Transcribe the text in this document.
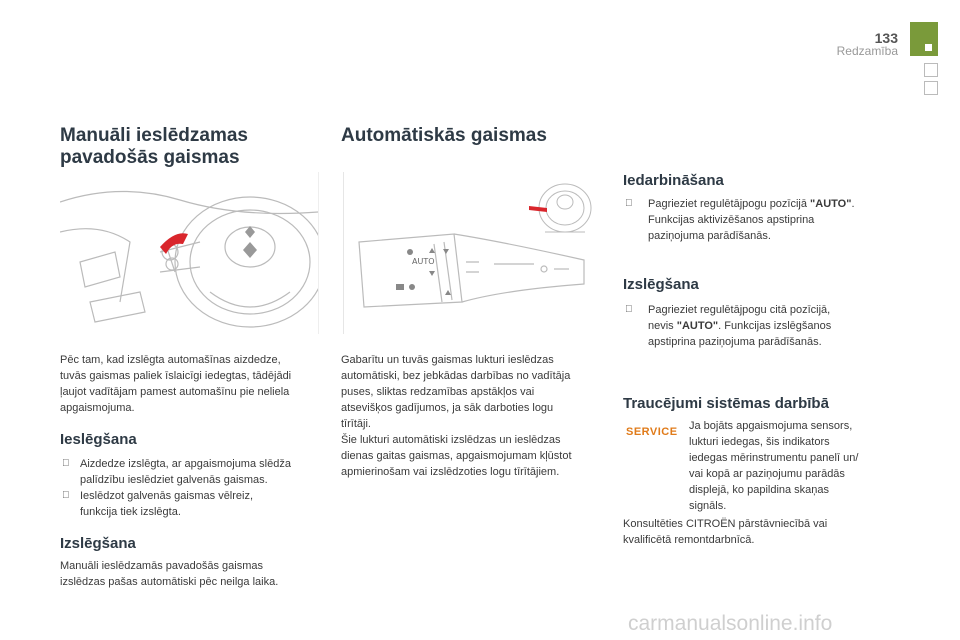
133
Redzamība
Manuāli ieslēdzamas
pavadošās gaismas
Pēc tam, kad izslēgta automašīnas aizdedze,
tuvās gaismas paliek īslaicīgi iedegtas, tādējādi
ļaujot vadītājam pamest automašīnu pie neliela
apgaismojuma.
Ieslēgšana
Aizdedze izslēgta, ar apgaismojuma slēdža
palīdzību ieslēdziet galvenās gaismas.
Ieslēdzot galvenās gaismas vēlreiz,
funkcija tiek izslēgta.
Izslēgšana
Manuāli ieslēdzamās pavadošās gaismas
izslēdzas pašas automātiski pēc neilga laika.
Automātiskās gaismas
AUTO
Gabarītu un tuvās gaismas lukturi ieslēdzas
automātiski, bez jebkādas darbības no vadītāja
puses, sliktas redzamības apstākļos vai
atsevišķos gadījumos, ja sāk darboties logu
tīrītāji.
Šie lukturi automātiski izslēdzas un ieslēdzas
dienas gaitas gaismas, apgaismojumam kļūstot
apmierinošam vai izslēdzoties logu tīrītājiem.
Iedarbināšana
Pagrieziet regulētājpogu pozīcijā "AUTO".
Funkcijas aktivizēšanos apstiprina
paziņojuma parādīšanās.
Izslēgšana
Pagrieziet regulētājpogu citā pozīcijā,
nevis "AUTO". Funkcijas izslēgšanos
apstiprina paziņojuma parādīšanās.
Traucējumi sistēmas darbībā
SERVICE Ja bojāts apgaismojuma sensors,
lukturi iedegas, šis indikators
iedegas mērinstrumentu panelī un/
vai kopā ar paziņojumu parādās
displejā, ko papildina skaņas
signāls.
Konsultēties CITROËN pārstāvniecībā vai
kvalificētā remontdarbnīcā.
carmanualsonline.info
